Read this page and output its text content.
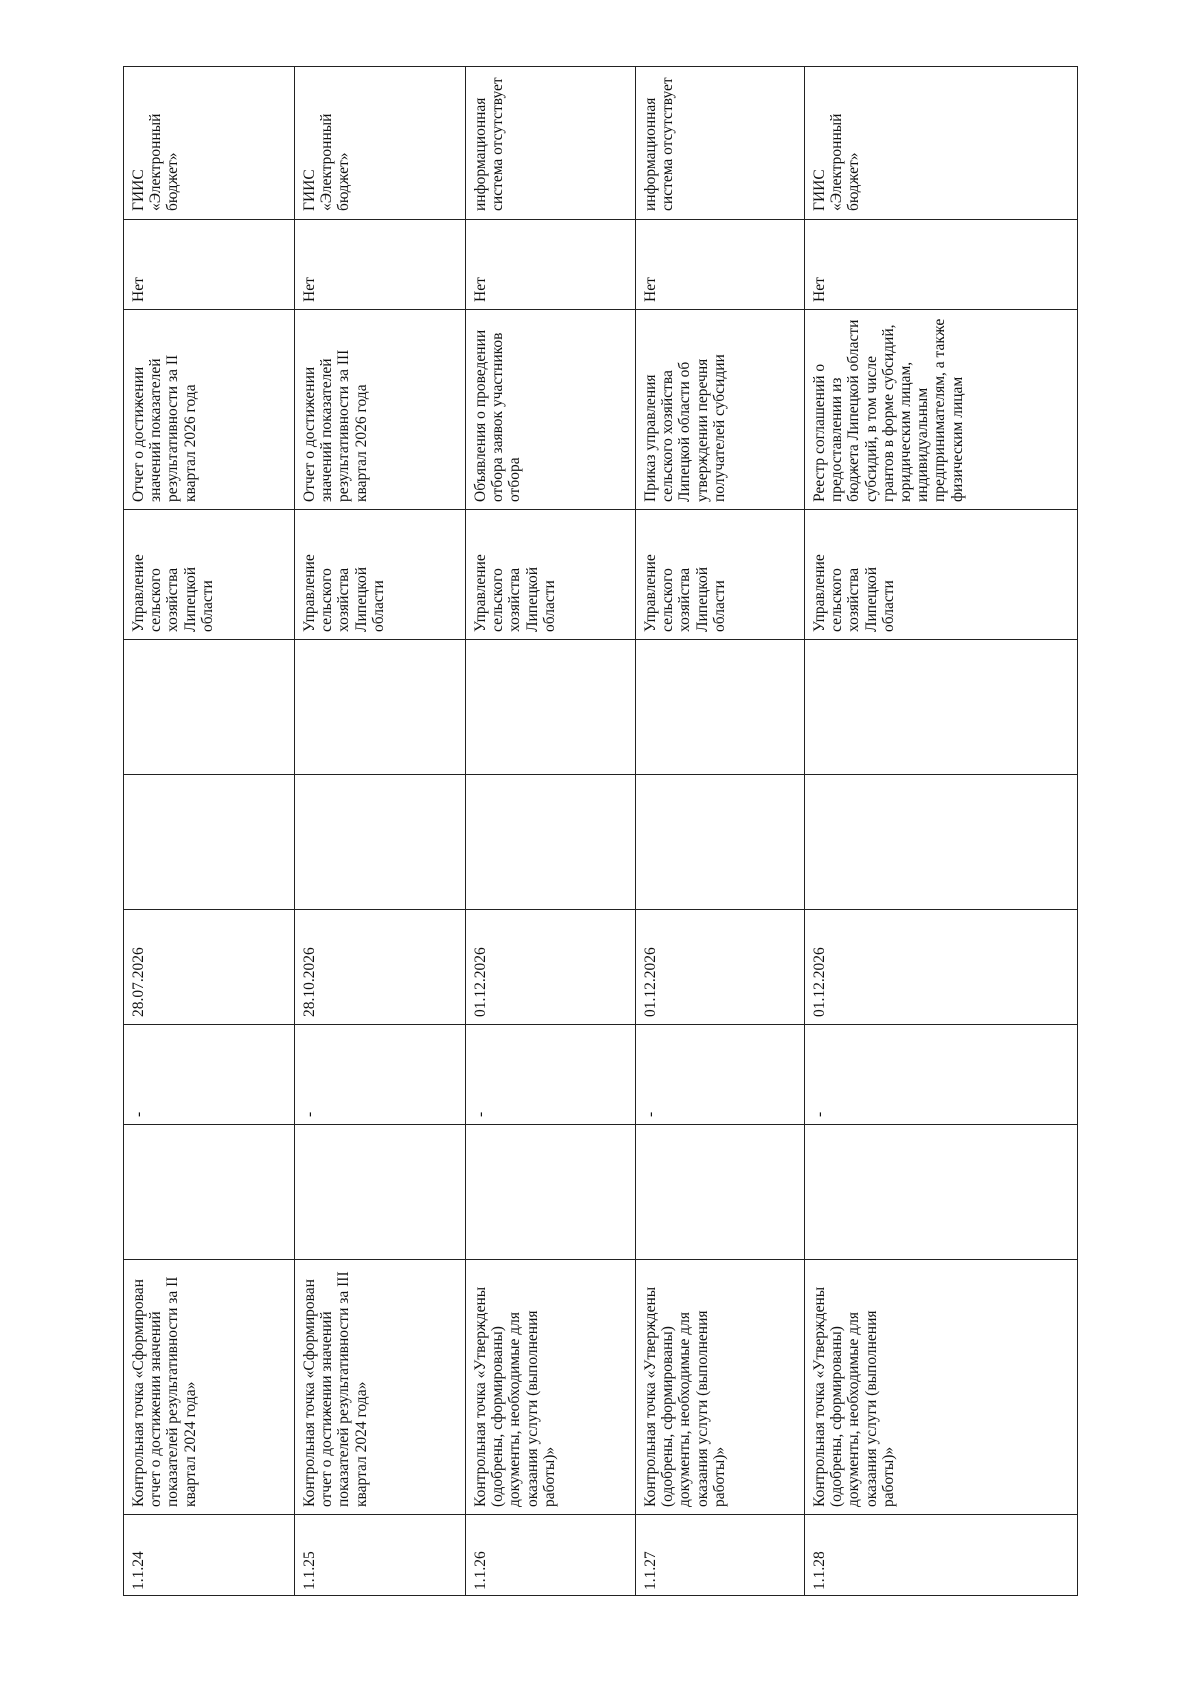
ГИИС «Электронный бюджет»
Нет
Отчет о достижении значений показателей результативности за II квартал 2026 года
Управление сельского хозяйства Липецкой области
28.07.2026
-
Контрольная точка «Сформирован отчет о достижении значений показателей результативности за II квартал 2024 года»
1.1.24
ГИИС «Электронный бюджет»
Нет
Отчет о достижении значений показателей результативности за III квартал 2026 года
Управление сельского хозяйства Липецкой области
28.10.2026
-
Контрольная точка «Сформирован отчет о достижении значений показателей результативности за III квартал 2024 года»
1.1.25
информационная система отсутствует
Нет
Объявления о проведении отбора заявок участников отбора
Управление сельского хозяйства Липецкой области
01.12.2026
-
Контрольная точка «Утверждены (одобрены, сформированы) документы, необходимые для оказания услуги (выполнения работы)»
1.1.26
информационная система отсутствует
Нет
Приказ управления сельского хозяйства Липецкой области об утверждении перечня получателей субсидии
Управление сельского хозяйства Липецкой области
01.12.2026
-
Контрольная точка «Утверждены (одобрены, сформированы) документы, необходимые для оказания услуги (выполнения работы)»
1.1.27
ГИИС «Электронный бюджет»
Нет
Реестр соглашений о предоставлении из бюджета Липецкой области субсидий, в том числе грантов в форме субсидий, юридическим лицам, индивидуальным предпринимателям, а также физическим лицам
Управление сельского хозяйства Липецкой области
01.12.2026
-
Контрольная точка «Утверждены (одобрены, сформированы) документы, необходимые для оказания услуги (выполнения работы)»
1.1.28
